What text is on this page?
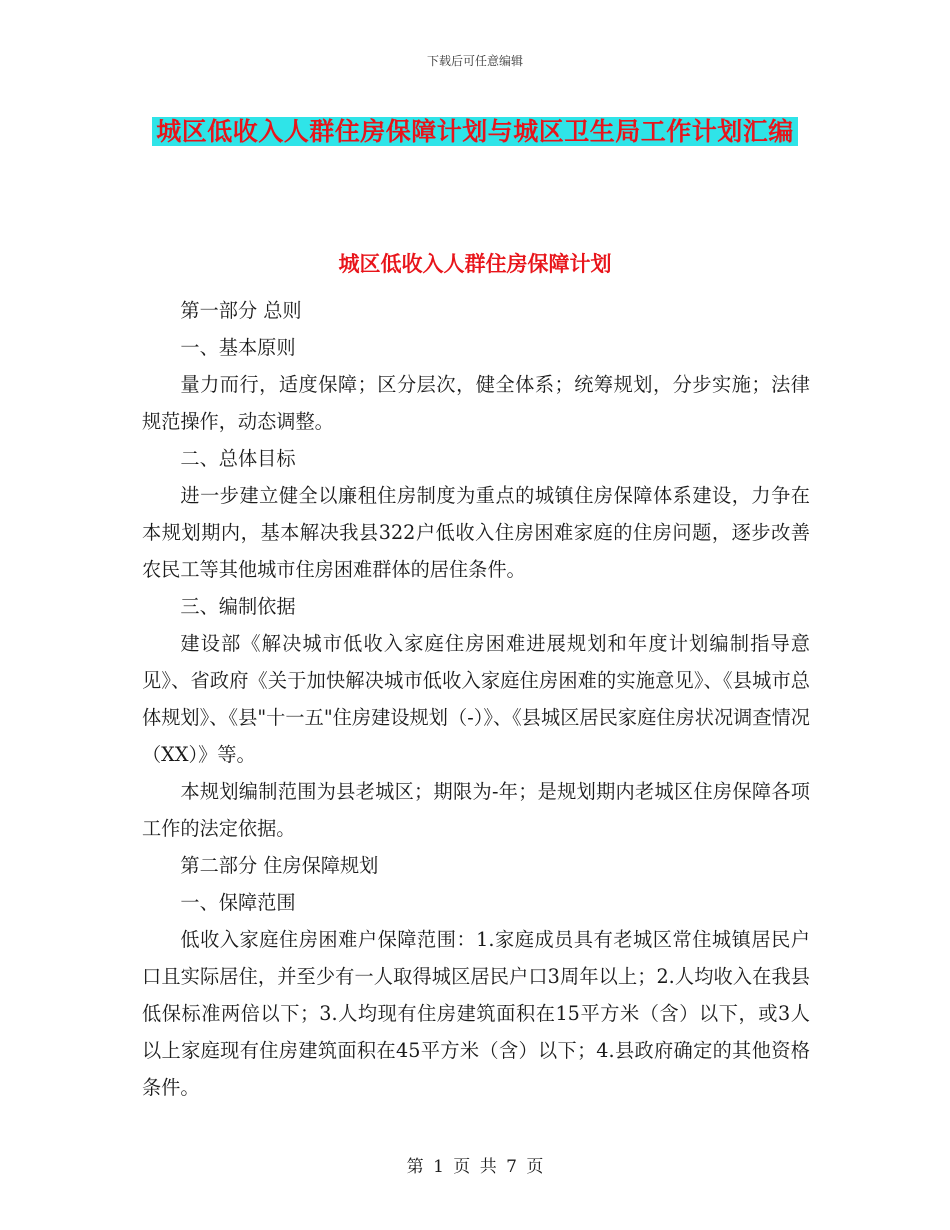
下载后可任意编辑
城区低收入人群住房保障计划与城区卫生局工作计划汇编
城区低收入人群住房保障计划

第一部分 总则

一、基本原则

量力而行，适度保障；区分层次，健全体系；统筹规划，分步实施；法律规范操作，动态调整。

二、总体目标

进一步建立健全以廉租住房制度为重点的城镇住房保障体系建设，力争在本规划期内，基本解决我县322户低收入住房困难家庭的住房问题，逐步改善农民工等其他城市住房困难群体的居住条件。

三、编制依据

建设部《解决城市低收入家庭住房困难进展规划和年度计划编制指导意见》、省政府《关于加快解决城市低收入家庭住房困难的实施意见》、《县城市总体规划》、《县"十一五"住房建设规划（-）》、《县城区居民家庭住房状况调查情况（XX）》等。

本规划编制范围为县老城区；期限为-年；是规划期内老城区住房保障各项工作的法定依据。

第二部分 住房保障规划

一、保障范围

低收入家庭住房困难户保障范围：1.家庭成员具有老城区常住城镇居民户口且实际居住，并至少有一人取得城区居民户口3周年以上；2.人均收入在我县低保标准两倍以下；3.人均现有住房建筑面积在15平方米（含）以下，或3人以上家庭现有住房建筑面积在45平方米（含）以下；4.县政府确定的其他资格条件。

第 1 页 共 7 页
